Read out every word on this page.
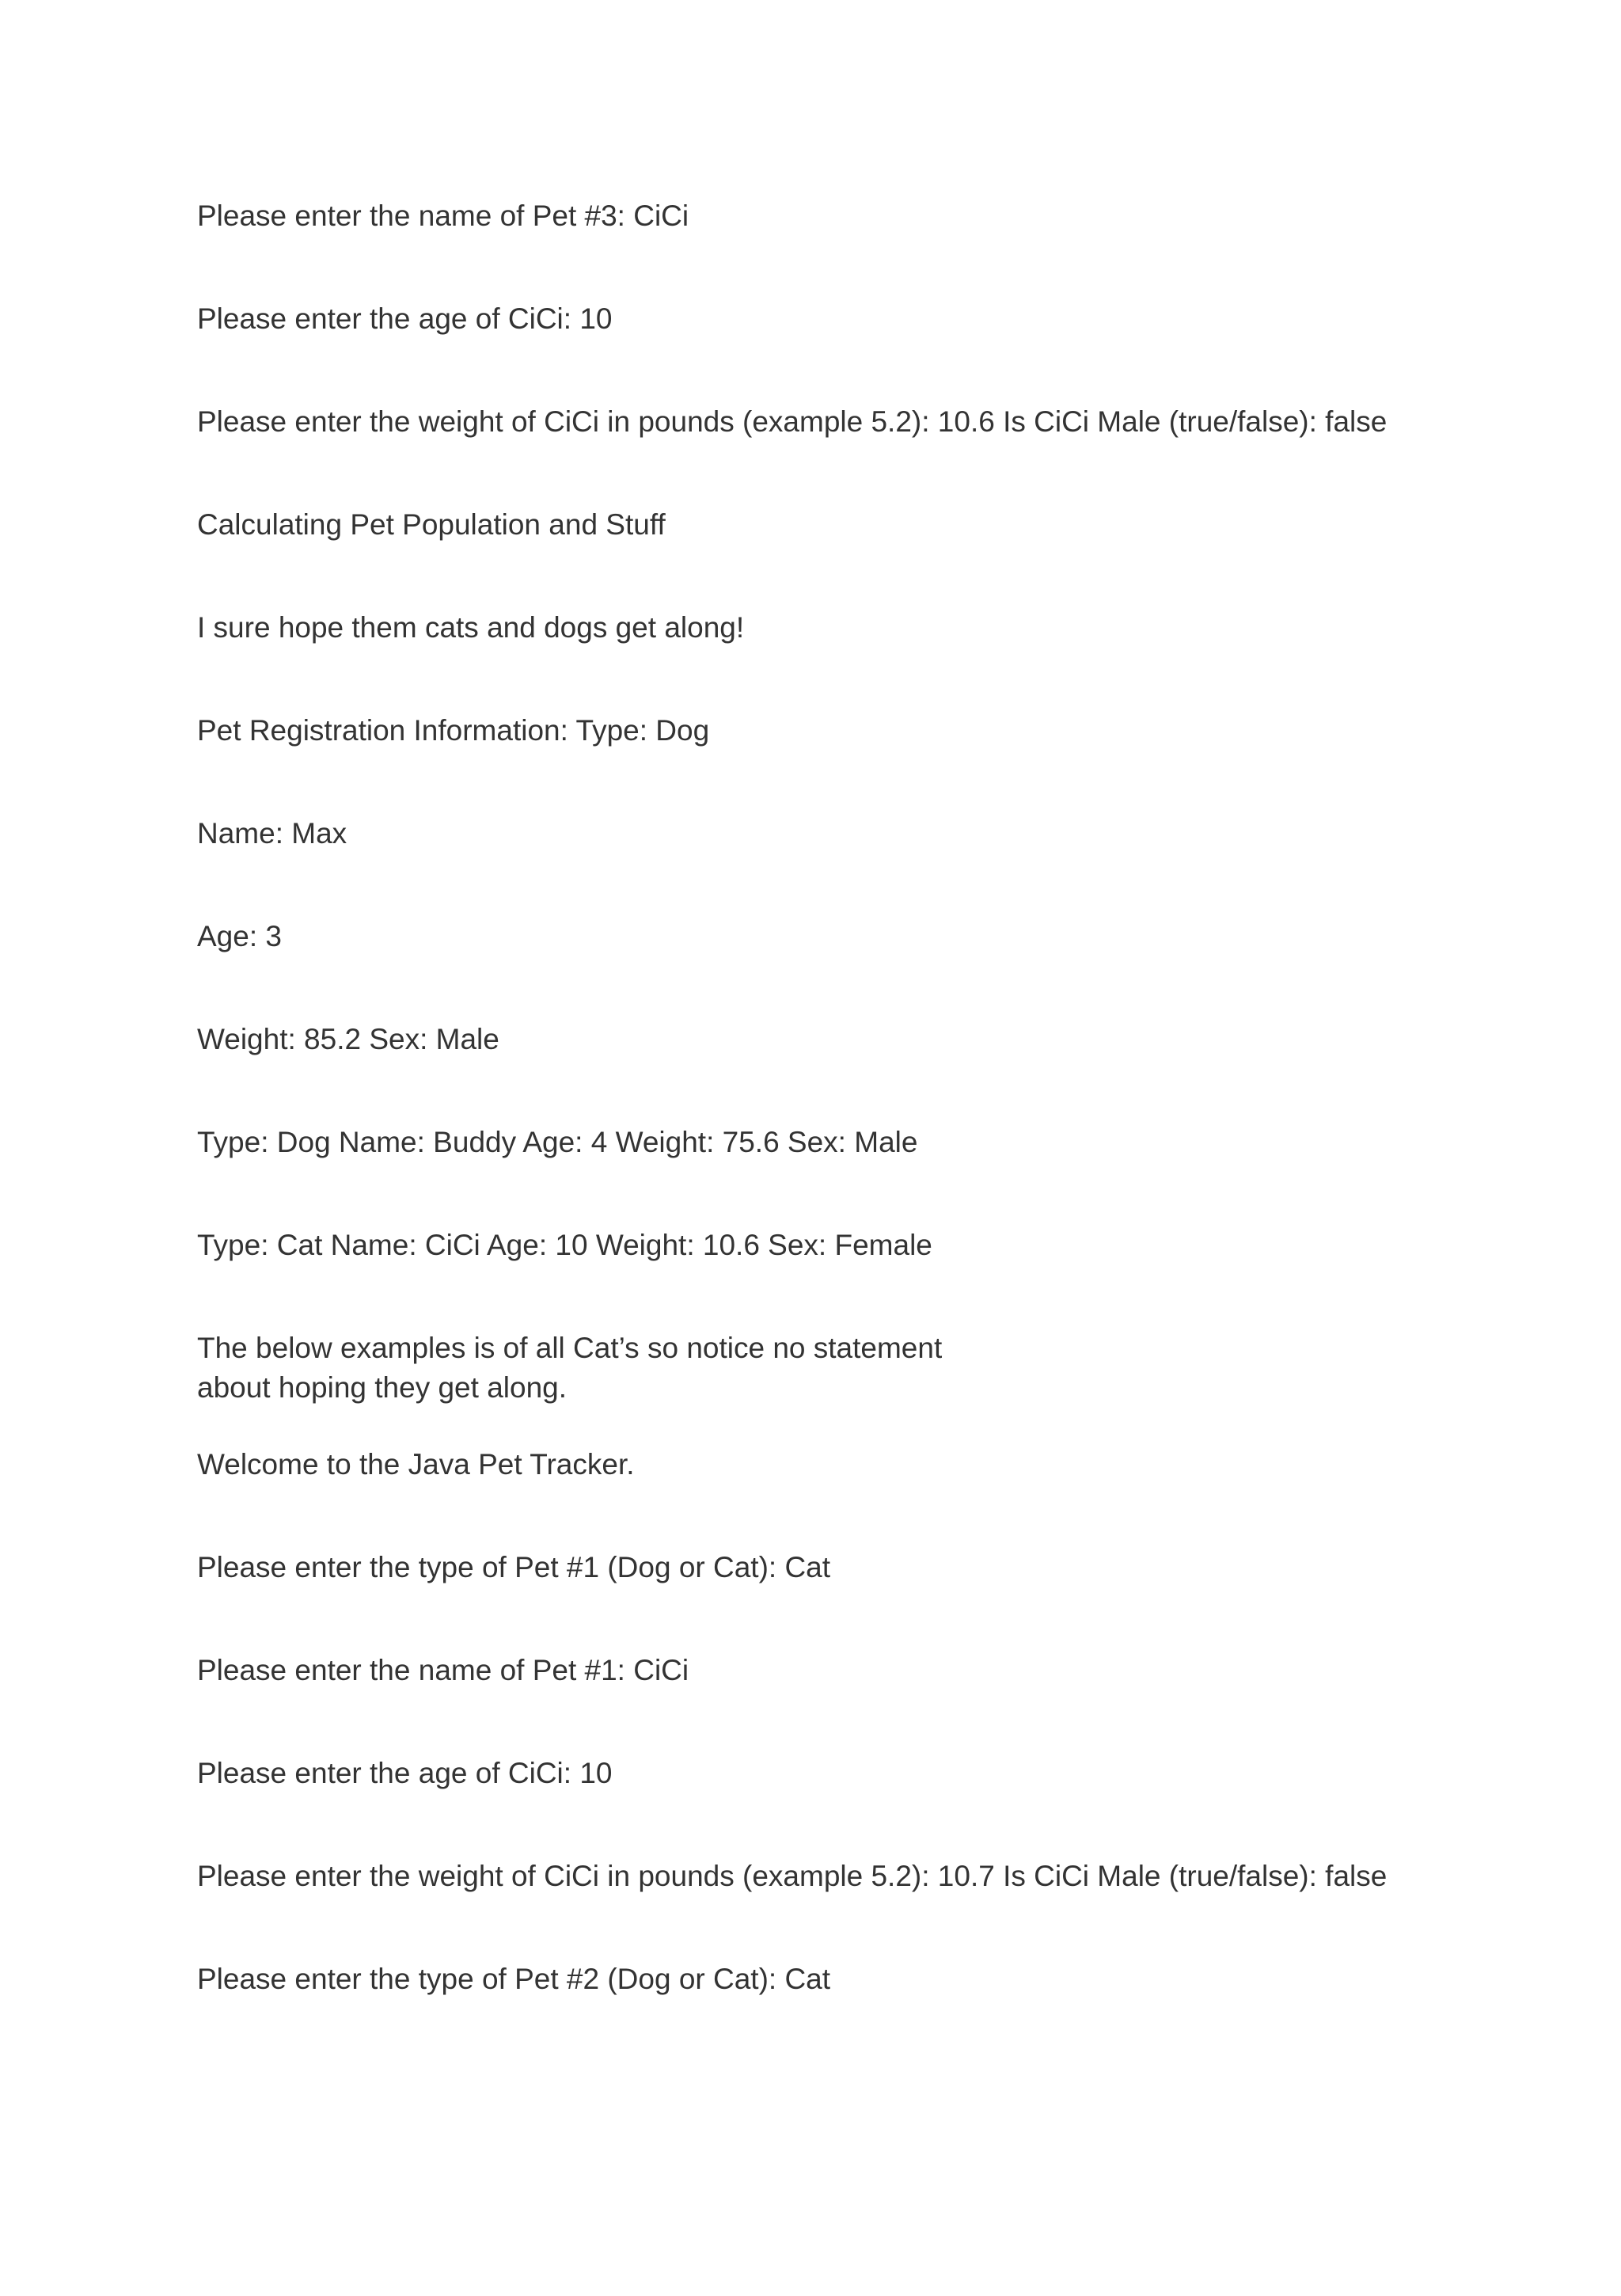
Please enter the name of Pet #3: CiCi

Please enter the age of CiCi: 10

Please enter the weight of CiCi in pounds (example 5.2): 10.6 Is CiCi Male (true/false): false

Calculating Pet Population and Stuff

I sure hope them cats and dogs get along!

Pet Registration Information: Type: Dog

Name: Max

Age: 3

Weight: 85.2 Sex: Male

Type: Dog Name: Buddy Age: 4 Weight: 75.6 Sex: Male

Type: Cat Name: CiCi Age: 10 Weight: 10.6 Sex: Female

The below examples is of all Cat’s so notice no statement

about hoping they get along.

Welcome to the Java Pet Tracker.

Please enter the type of Pet #1 (Dog or Cat): Cat

Please enter the name of Pet #1: CiCi

Please enter the age of CiCi: 10

Please enter the weight of CiCi in pounds (example 5.2): 10.7 Is CiCi Male (true/false): false

Please enter the type of Pet #2 (Dog or Cat): Cat
